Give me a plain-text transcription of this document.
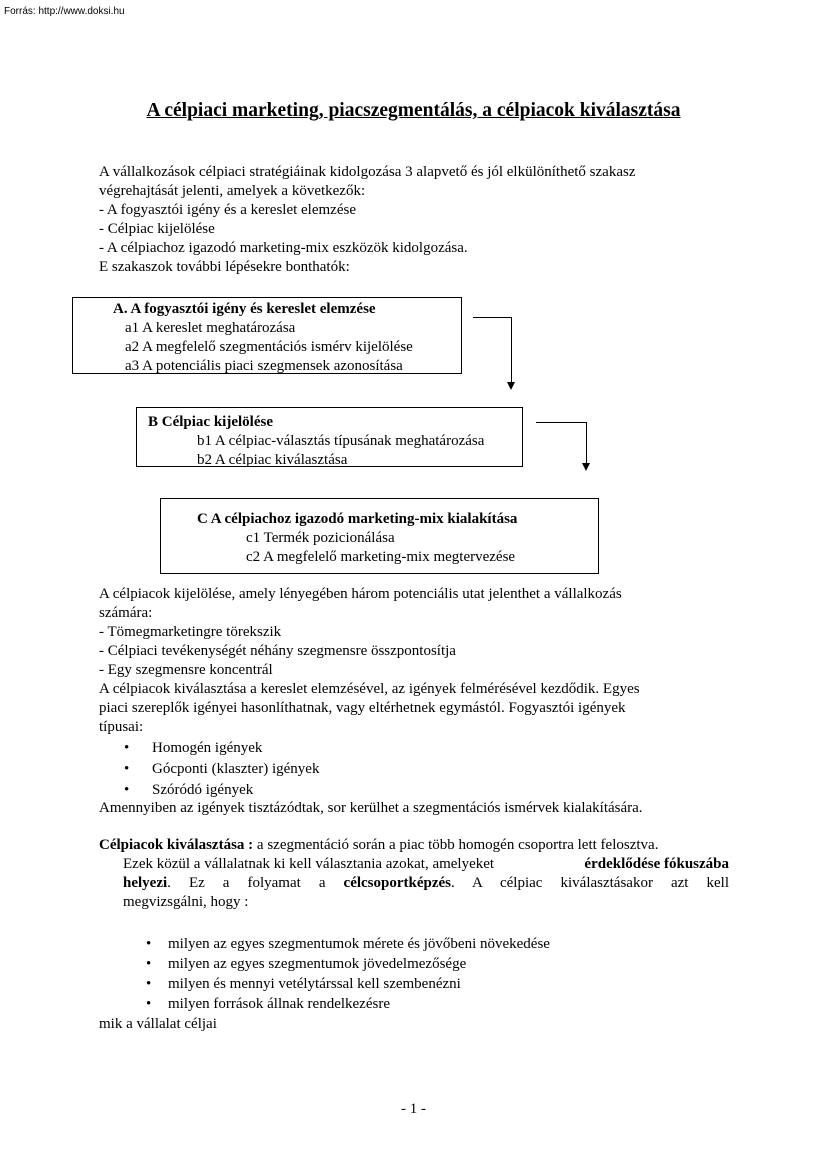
Forrás: http://www.doksi.hu
A célpiaci marketing, piacszegmentálás, a célpiacok kiválasztása
A vállalkozások célpiaci stratégiáinak kidolgozása 3 alapvető és jól elkülöníthető szakasz
végrehajtását jelenti, amelyek a következők:
- A fogyasztói igény és a kereslet elemzése
- Célpiac kijelölése
- A célpiachoz igazodó marketing-mix eszközök kidolgozása.
E szakaszok további lépésekre bonthatók:
A. A fogyasztói igény és kereslet elemzése
a1 A kereslet meghatározása
a2 A megfelelő szegmentációs ismérv kijelölése
a3 A potenciális piaci szegmensek azonosítása
B Célpiac kijelölése
b1 A célpiac-választás típusának meghatározása
b2 A célpiac kiválasztása
C A célpiachoz igazodó marketing-mix kialakítása
c1 Termék pozicionálása
c2 A megfelelő marketing-mix megtervezése
A célpiacok kijelölése, amely lényegében három potenciális utat jelenthet a vállalkozás
számára:
- Tömegmarketingre törekszik
- Célpiaci tevékenységét néhány szegmensre összpontosítja
- Egy szegmensre koncentrál
A célpiacok kiválasztása a kereslet elemzésével, az igények felmérésével kezdődik. Egyes
piaci szereplők igényei hasonlíthatnak, vagy eltérhetnek egymástól. Fogyasztói igények
típusai:
• Homogén igények
• Gócponti (klaszter) igények
• Szóródó igények
Amennyiben az igények tisztázódtak, sor kerülhet a szegmentációs ismérvek kialakítására.
Célpiacok kiválasztása : a szegmentáció során a piac több homogén csoportra lett felosztva.
Ezek közül a vállalatnak ki kell választania azokat, amelyeket	érdeklődése fókuszába
helyezi. Ez a folyamat a célcsoportképzés. A célpiac kiválasztásakor azt kell
megvizsgálni, hogy :
• milyen az egyes szegmentumok mérete és jövőbeni növekedése
• milyen az egyes szegmentumok jövedelmezősége
• milyen és mennyi vetélytárssal kell szembenézni
• milyen források állnak rendelkezésre
mik a vállalat céljai
- 1 -
